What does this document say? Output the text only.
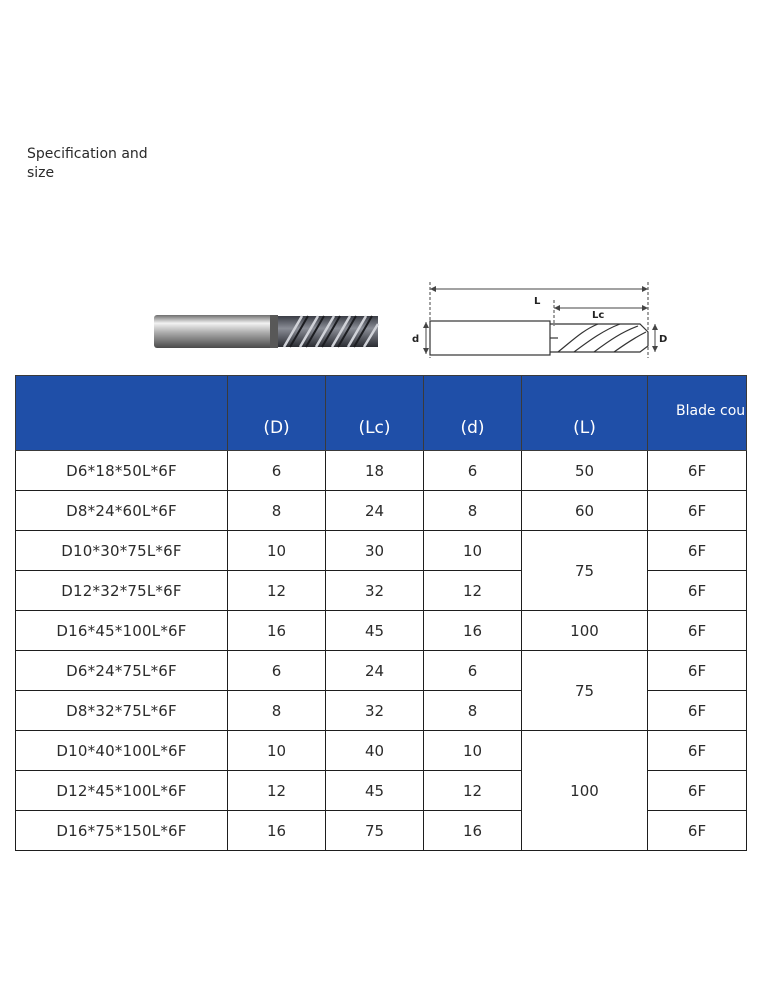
Specification and
size
L
Lc
d	D

	(D)	(Lc)	(d)	(L)	Blade cou

D6*18*50L*6F	6	18	6	50	6F
D8*24*60L*6F	8	24	8	60	6F
D10*30*75L*6F	10	30	10	75	6F
D12*32*75L*6F	12	32	12		6F
D16*45*100L*6F	16	45	16	100	6F
D6*24*75L*6F	6	24	6	75	6F
D8*32*75L*6F	8	32	8		6F
D10*40*100L*6F	10	40	10	100	6F
D12*45*100L*6F	12	45	12		6F
D16*75*150L*6F	16	75	16		6F
